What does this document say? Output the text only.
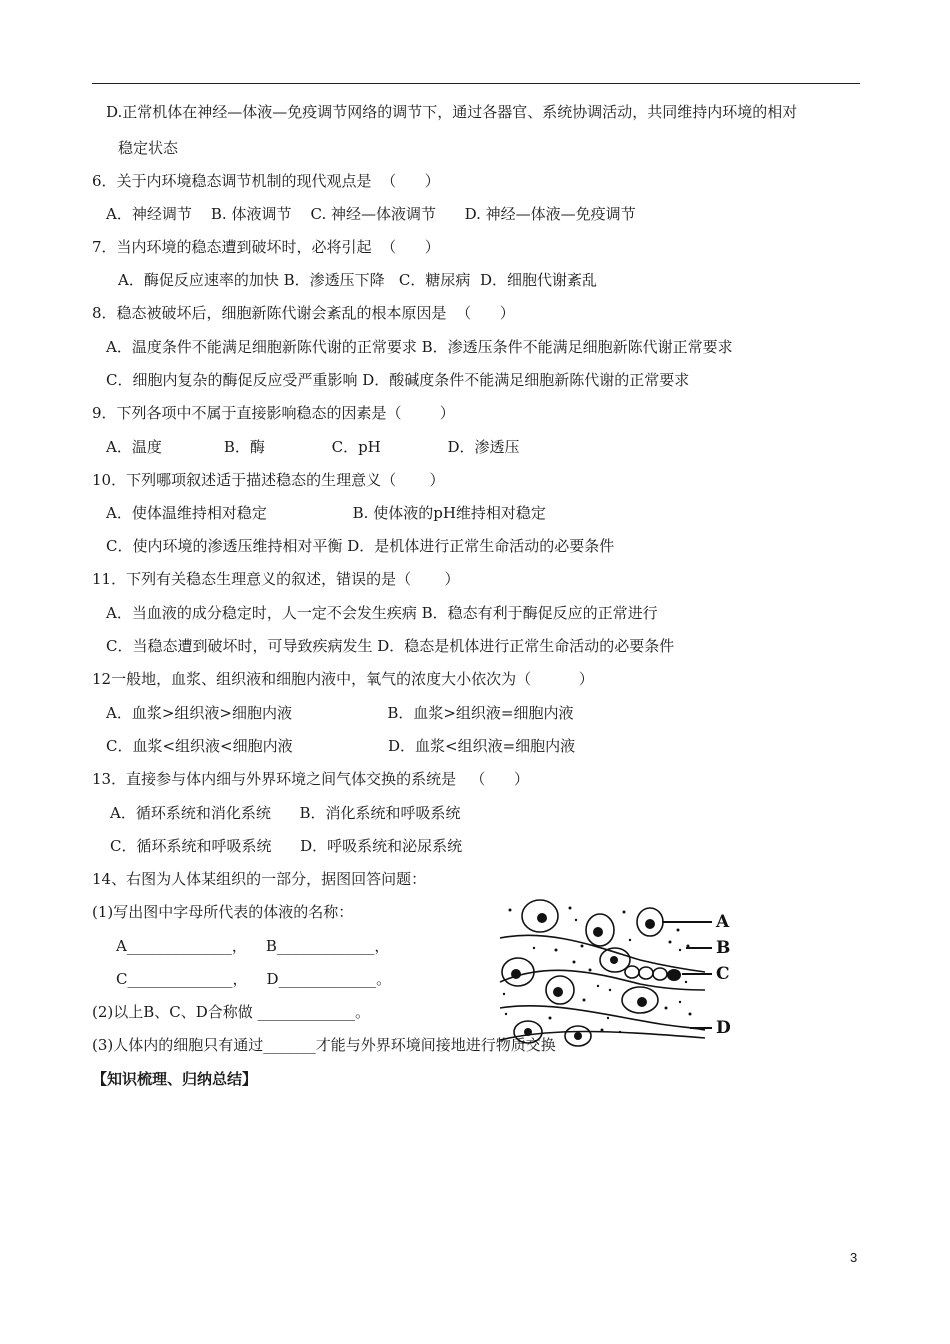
D.正常机体在神经—体液—免疫调节网络的调节下，通过各器官、系统协调活动，共同维持内环境的相对
稳定状态
6．关于内环境稳态调节机制的现代观点是  （      ）
A．神经调节    B. 体液调节    C. 神经—体液调节      D. 神经—体液—免疫调节
7．当内环境的稳态遭到破坏时，必将引起  （      ）
A．酶促反应速率的加快 B．渗透压下降   C．糖尿病  D．细胞代谢紊乱
8．稳态被破坏后，细胞新陈代谢会紊乱的根本原因是  （      ）
A．温度条件不能满足细胞新陈代谢的正常要求 B．渗透压条件不能满足细胞新陈代谢正常要求
C．细胞内复杂的酶促反应受严重影响 D．酸碱度条件不能满足细胞新陈代谢的正常要求
9．下列各项中不属于直接影响稳态的因素是（        ）
A．温度             B．酶              C．pH              D．渗透压
10．下列哪项叙述适于描述稳态的生理意义（       ）
A．使体温维持相对稳定                  B. 使体液的pH维持相对稳定
C．使内环境的渗透压维持相对平衡 D．是机体进行正常生命活动的必要条件
11．下列有关稳态生理意义的叙述，错误的是（       ）
A．当血液的成分稳定时，人一定不会发生疾病 B．稳态有利于酶促反应的正常进行
C．当稳态遭到破坏时，可导致疾病发生 D．稳态是机体进行正常生命活动的必要条件
12一般地，血浆、组织液和细胞内液中，氧气的浓度大小依次为（          ）
A．血浆>组织液>细胞内液                    B．血浆>组织液=细胞内液
C．血浆<组织液<细胞内液                    D．血浆<组织液=细胞内液
13．直接参与体内细与外界环境之间气体交换的系统是   （      ）
A．循环系统和消化系统      B．消化系统和呼吸系统
C．循环系统和呼吸系统      D．呼吸系统和泌尿系统
14、右图为人体某组织的一部分，据图回答问题：
(1)写出图中字母所代表的体液的名称：
A______________，    B_____________，
C______________，    D_____________。
(2)以上B、C、D合称做 _____________。
(3)人体内的细胞只有通过_______才能与外界环境间接地进行物质交换
【知识梳理、归纳总结】
A
B
C
D
3
